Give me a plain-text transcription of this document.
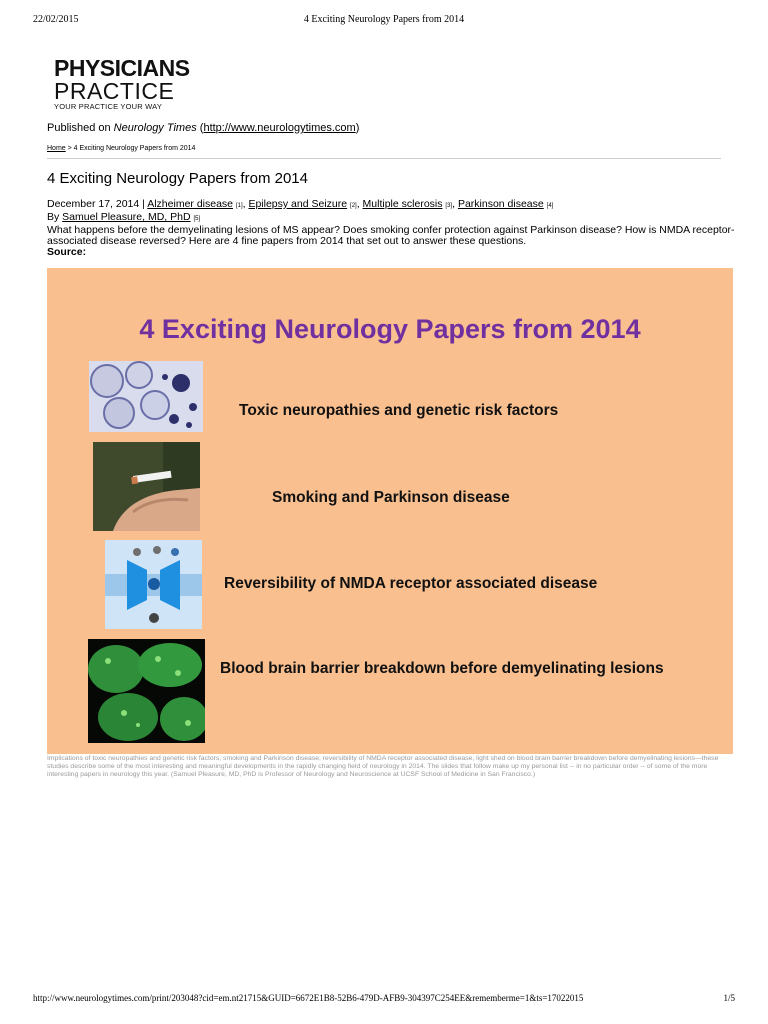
22/02/2015	4 Exciting Neurology Papers from 2014
PHYSICIANS
PRACTICE
YOUR PRACTICE YOUR WAY
Published on Neurology Times (http://www.neurologytimes.com)
Home > 4 Exciting Neurology Papers from 2014
4 Exciting Neurology Papers from 2014
December 17, 2014 | Alzheimer disease [1], Epilepsy and Seizure [2], Multiple sclerosis [3], Parkinson disease [4]
By Samuel Pleasure, MD, PhD [5]
What happens before the demyelinating lesions of MS appear? Does smoking confer protection against Parkinson disease? How is NMDA receptor-associated disease reversed? Here are 4 fine papers from 2014 that set out to answer these questions.
Source:
4 Exciting Neurology Papers from 2014
Toxic neuropathies and genetic risk factors
Smoking and Parkinson disease
Reversibility of NMDA receptor associated disease
Blood brain barrier breakdown before demyelinating lesions
Implications of toxic neuropathies and genetic risk factors, smoking and Parkinson disease, reversibility of NMDA receptor associated disease, light shed on blood brain barrier breakdown before demyelinating lesions—these studies describe some of the most interesting and meaningful developments in the rapidly changing field of neurology in 2014. The slides that follow make up my personal list -- in no particular order -- of some of the more interesting papers in neurology this year. (Samuel Pleasure, MD, PhD is Professor of Neurology and Neuroscience at UCSF School of Medicine in San Francisco.)
http://www.neurologytimes.com/print/203048?cid=em.nt21715&GUID=6672E1B8-52B6-479D-AFB9-304397C254EE&rememberme=1&ts=17022015	1/5
